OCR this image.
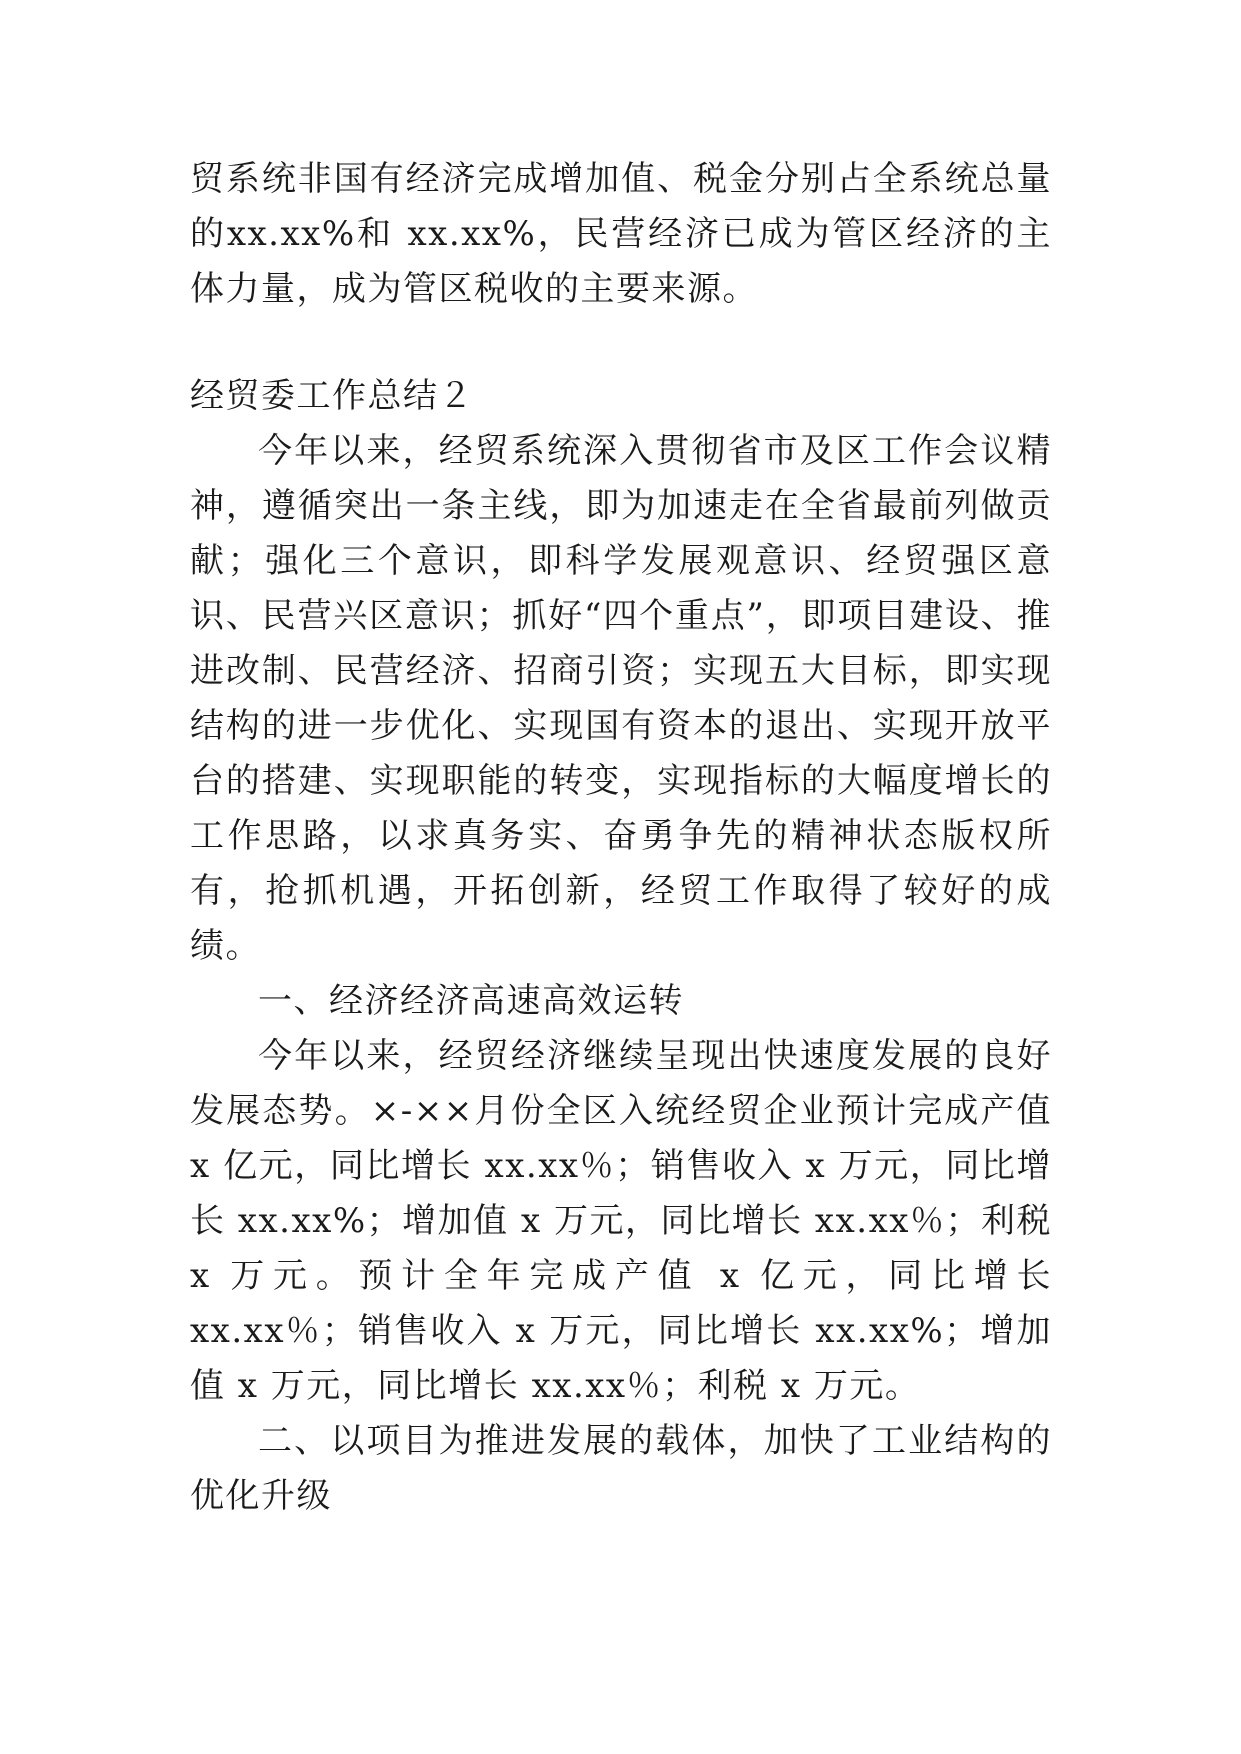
贸系统非国有经济完成增加值、税金分别占全系统总量的xx.xx%和 xx.xx%，民营经济已成为管区经济的主体力量，成为管区税收的主要来源。

经贸委工作总结２

今年以来，经贸系统深入贯彻省市及区工作会议精神，遵循突出一条主线，即为加速走在全省最前列做贡献；强化三个意识，即科学发展观意识、经贸强区意识、民营兴区意识；抓好“四个重点”，即项目建设、推进改制、民营经济、招商引资；实现五大目标，即实现结构的进一步优化、实现国有资本的退出、实现开放平台的搭建、实现职能的转变，实现指标的大幅度增长的工作思路，以求真务实、奋勇争先的精神状态版权所有，抢抓机遇，开拓创新，经贸工作取得了较好的成绩。

一、经济经济高速高效运转

今年以来，经贸经济继续呈现出快速度发展的良好发展态势。×-××月份全区入统经贸企业预计完成产值 x 亿元，同比增长 xx.xx％；销售收入 x 万元，同比增长 xx.xx%；增加值 x 万元，同比增长 xx.xx％；利税 x 万元。预计全年完成产值 x 亿元，同比增长 xx.xx％；销售收入 x 万元，同比增长 xx.xx%；增加值 x 万元，同比增长 xx.xx％；利税 x 万元。

二、以项目为推进发展的载体，加快了工业结构的优化升级
